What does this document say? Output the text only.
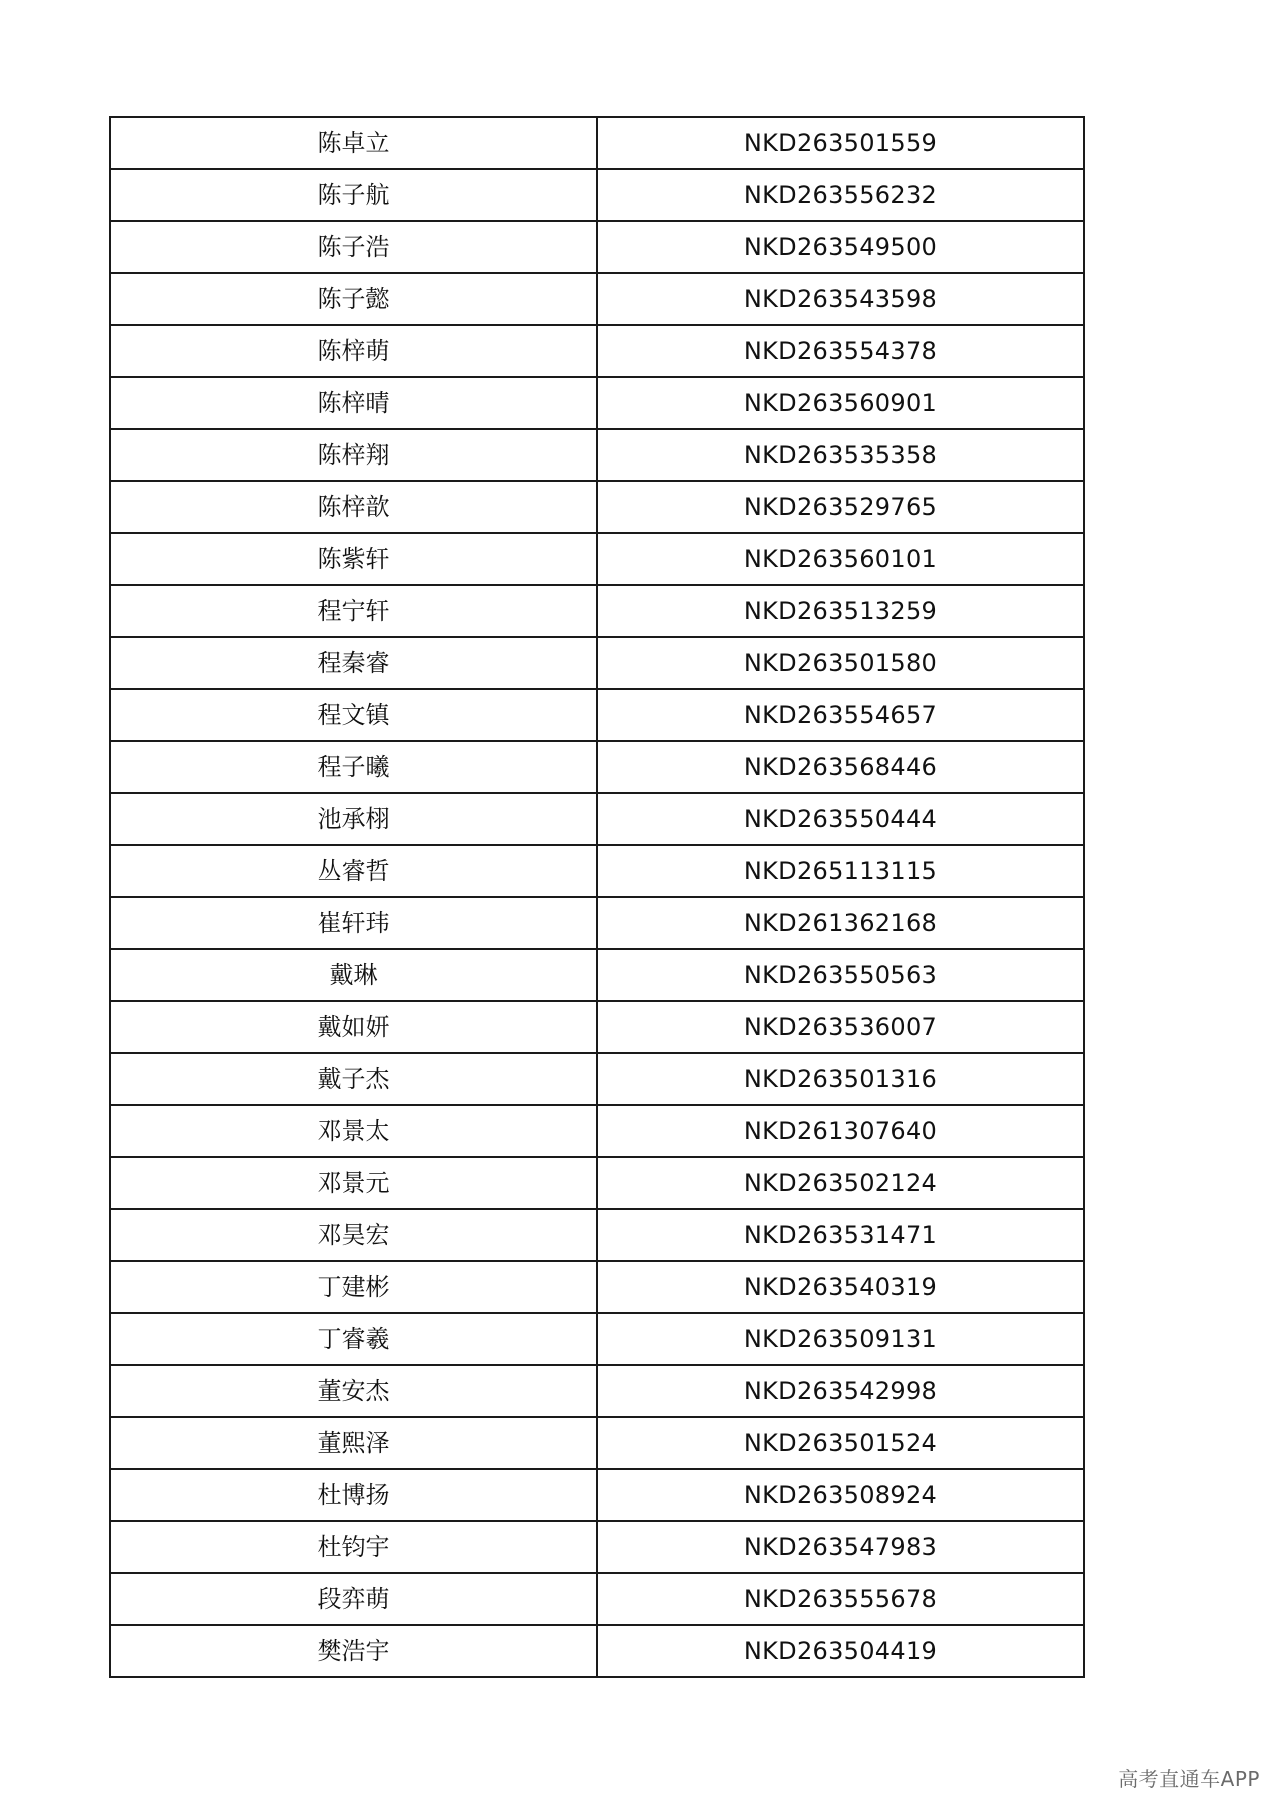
陈卓立	NKD263501559
陈子航	NKD263556232
陈子浩	NKD263549500
陈子懿	NKD263543598
陈梓萌	NKD263554378
陈梓晴	NKD263560901
陈梓翔	NKD263535358
陈梓歆	NKD263529765
陈紫轩	NKD263560101
程宁轩	NKD263513259
程秦睿	NKD263501580
程文镇	NKD263554657
程子曦	NKD263568446
池承栩	NKD263550444
丛睿哲	NKD265113115
崔轩玮	NKD261362168
戴琳	NKD263550563
戴如妍	NKD263536007
戴子杰	NKD263501316
邓景太	NKD261307640
邓景元	NKD263502124
邓昊宏	NKD263531471
丁建彬	NKD263540319
丁睿羲	NKD263509131
董安杰	NKD263542998
董熙泽	NKD263501524
杜博扬	NKD263508924
杜钧宇	NKD263547983
段弈萌	NKD263555678
樊浩宇	NKD263504419
高考直通车APP
